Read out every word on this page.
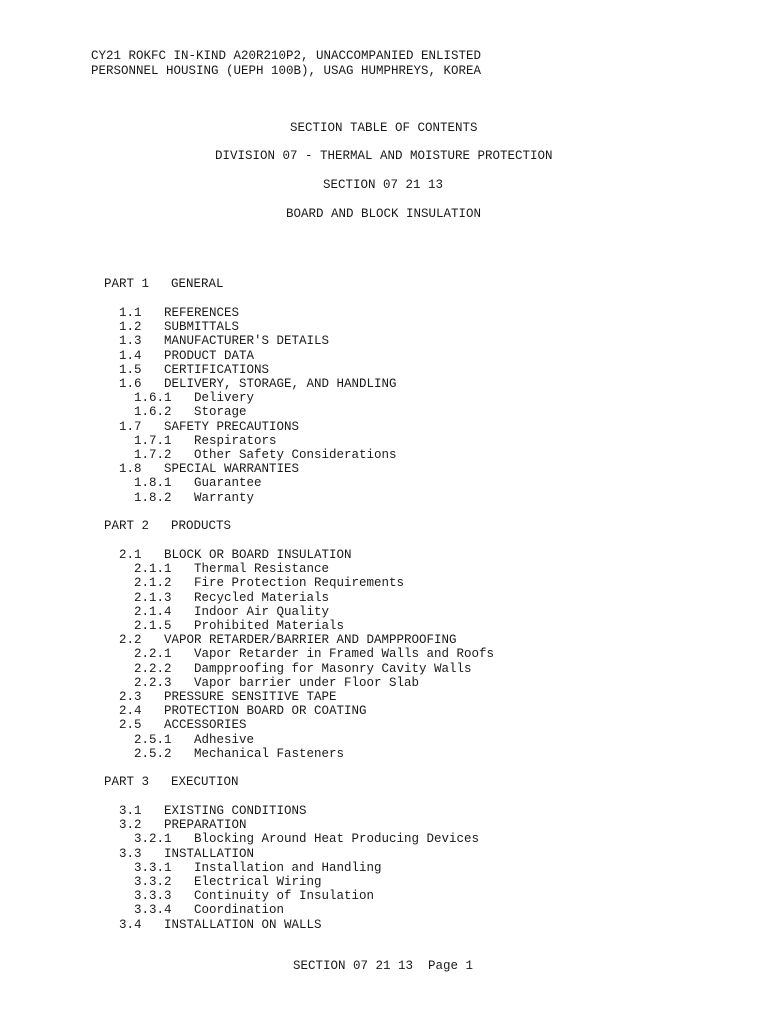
CY21 ROKFC IN-KIND A20R210P2, UNACCOMPANIED ENLISTED
PERSONNEL HOUSING (UEPH 100B), USAG HUMPHREYS, KOREA
SECTION TABLE OF CONTENTS
DIVISION 07 - THERMAL AND MOISTURE PROTECTION
SECTION 07 21 13
BOARD AND BLOCK INSULATION
PART 1 GENERAL
1.1 REFERENCES
1.2 SUBMITTALS
1.3 MANUFACTURER'S DETAILS
1.4 PRODUCT DATA
1.5 CERTIFICATIONS
1.6 DELIVERY, STORAGE, AND HANDLING
1.6.1 Delivery
1.6.2 Storage
1.7 SAFETY PRECAUTIONS
1.7.1 Respirators
1.7.2 Other Safety Considerations
1.8 SPECIAL WARRANTIES
1.8.1 Guarantee
1.8.2 Warranty
PART 2 PRODUCTS
2.1 BLOCK OR BOARD INSULATION
2.1.1 Thermal Resistance
2.1.2 Fire Protection Requirements
2.1.3 Recycled Materials
2.1.4 Indoor Air Quality
2.1.5 Prohibited Materials
2.2 VAPOR RETARDER/BARRIER AND DAMPPROOFING
2.2.1 Vapor Retarder in Framed Walls and Roofs
2.2.2 Dampproofing for Masonry Cavity Walls
2.2.3 Vapor barrier under Floor Slab
2.3 PRESSURE SENSITIVE TAPE
2.4 PROTECTION BOARD OR COATING
2.5 ACCESSORIES
2.5.1 Adhesive
2.5.2 Mechanical Fasteners
PART 3 EXECUTION
3.1 EXISTING CONDITIONS
3.2 PREPARATION
3.2.1 Blocking Around Heat Producing Devices
3.3 INSTALLATION
3.3.1 Installation and Handling
3.3.2 Electrical Wiring
3.3.3 Continuity of Insulation
3.3.4 Coordination
3.4 INSTALLATION ON WALLS
SECTION 07 21 13 Page 1
